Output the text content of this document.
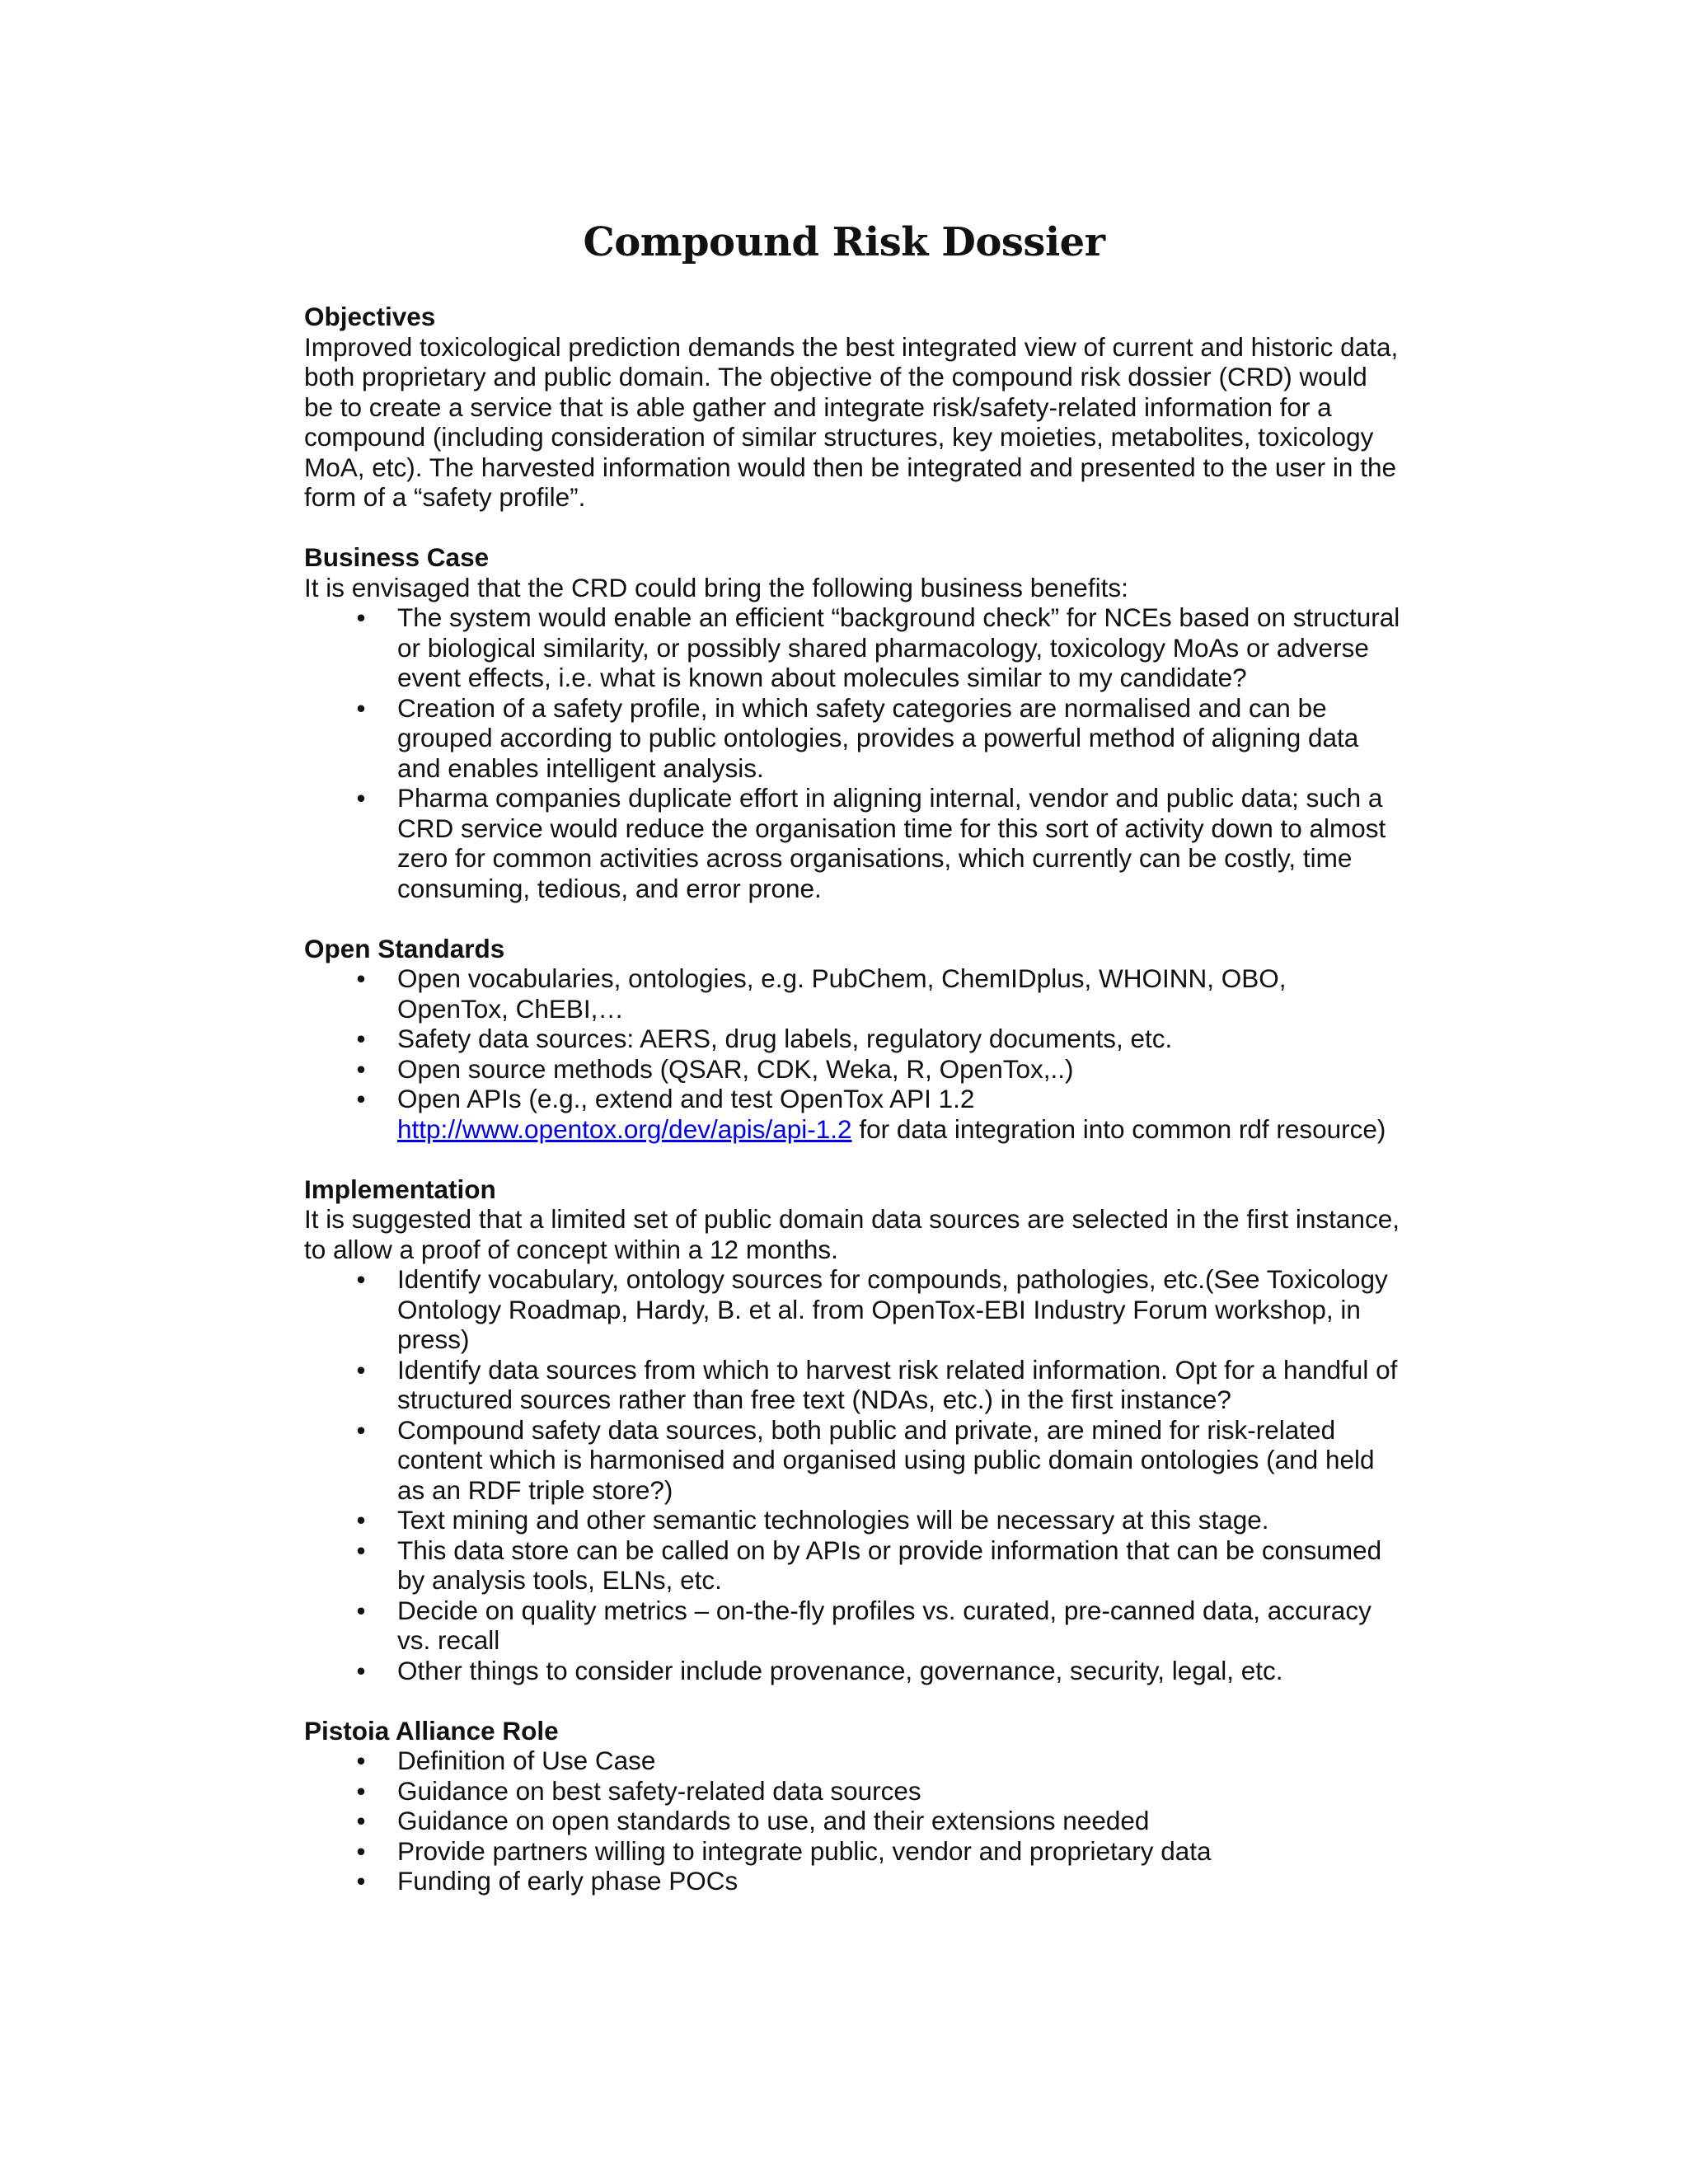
Compound Risk Dossier
Objectives

Improved toxicological prediction demands the best integrated view of current and historic data, both proprietary and public domain. The objective of the compound risk dossier (CRD) would be to create a service that is able gather and integrate risk/safety-related information for a compound (including consideration of similar structures, key moieties, metabolites, toxicology MoA, etc). The harvested information would then be integrated and presented to the user in the form of a “safety profile”.

Business Case

It is envisaged that the CRD could bring the following business benefits:

• The system would enable an efficient “background check” for NCEs based on structural or biological similarity, or possibly shared pharmacology, toxicology MoAs or adverse event effects, i.e. what is known about molecules similar to my candidate?
• Creation of a safety profile, in which safety categories are normalised and can be grouped according to public ontologies, provides a powerful method of aligning data and enables intelligent analysis.
• Pharma companies duplicate effort in aligning internal, vendor and public data; such a CRD service would reduce the organisation time for this sort of activity down to almost zero for common activities across organisations, which currently can be costly, time consuming, tedious, and error prone.
Open Standards
• Open vocabularies, ontologies, e.g. PubChem, ChemIDplus, WHOINN, OBO, OpenTox, ChEBI,…
• Safety data sources: AERS, drug labels, regulatory documents, etc.
• Open source methods (QSAR, CDK, Weka, R, OpenTox,..)
• Open APIs (e.g., extend and test OpenTox API 1.2
http://www.opentox.org/dev/apis/api-1.2 for data integration into common rdf resource)
Implementation

It is suggested that a limited set of public domain data sources are selected in the first instance, to allow a proof of concept within a 12 months.

• Identify vocabulary, ontology sources for compounds, pathologies, etc.(See Toxicology Ontology Roadmap, Hardy, B. et al. from OpenTox-EBI Industry Forum workshop, in press)
• Identify data sources from which to harvest risk related information. Opt for a handful of structured sources rather than free text (NDAs, etc.) in the first instance?
• Compound safety data sources, both public and private, are mined for risk-related content which is harmonised and organised using public domain ontologies (and held as an RDF triple store?)
• Text mining and other semantic technologies will be necessary at this stage.
• This data store can be called on by APIs or provide information that can be consumed by analysis tools, ELNs, etc.
• Decide on quality metrics – on-the-fly profiles vs. curated, pre-canned data, accuracy vs. recall
• Other things to consider include provenance, governance, security, legal, etc.
Pistoia Alliance Role
• Definition of Use Case
• Guidance on best safety-related data sources
• Guidance on open standards to use, and their extensions needed
• Provide partners willing to integrate public, vendor and proprietary data
• Funding of early phase POCs
